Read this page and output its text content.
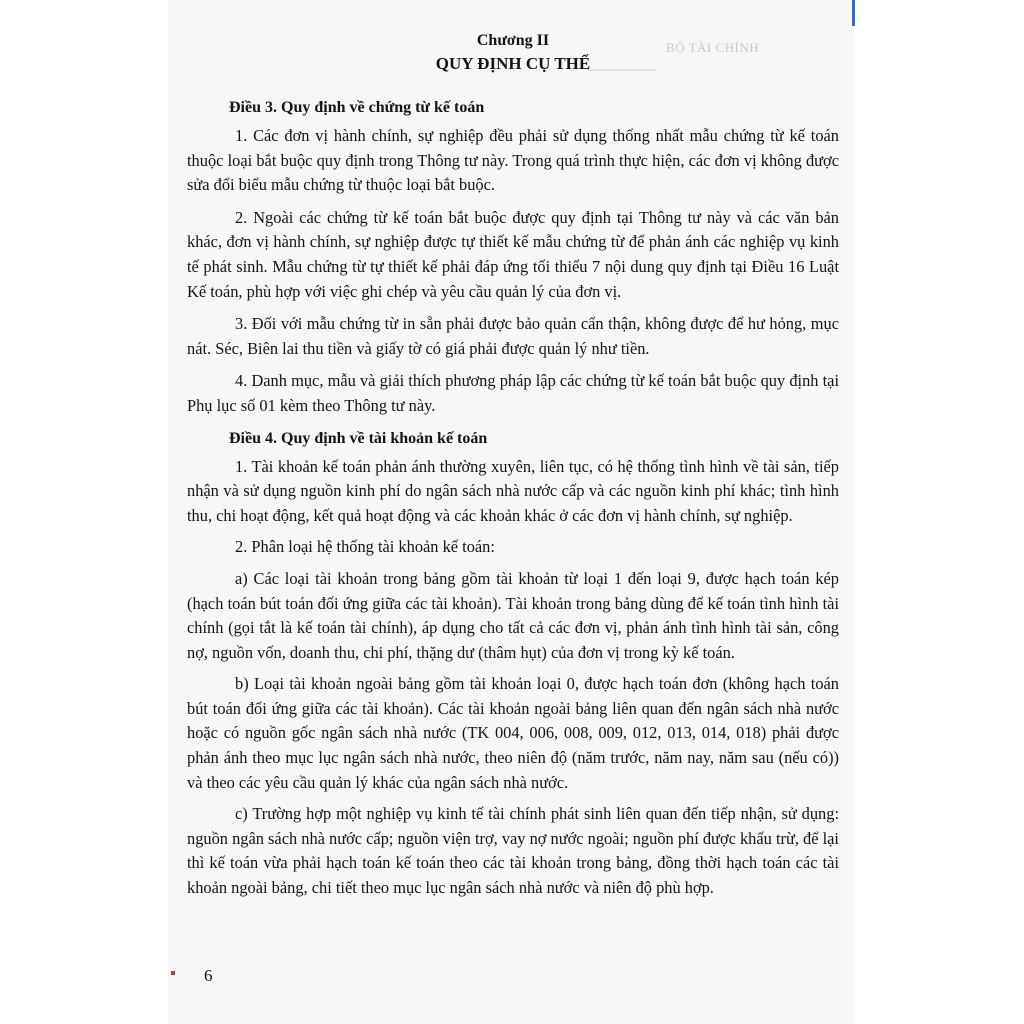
BỘ TÀI CHÍNH
───────

Chương II

QUY ĐỊNH CỤ THỂ

Điều 3. Quy định về chứng từ kế toán

1. Các đơn vị hành chính, sự nghiệp đều phải sử dụng thống nhất mẫu chứng từ kế toán thuộc loại bắt buộc quy định trong Thông tư này. Trong quá trình thực hiện, các đơn vị không được sửa đổi biểu mẫu chứng từ thuộc loại bắt buộc.

2. Ngoài các chứng từ kế toán bắt buộc được quy định tại Thông tư này và các văn bản khác, đơn vị hành chính, sự nghiệp được tự thiết kế mẫu chứng từ để phản ánh các nghiệp vụ kinh tế phát sinh. Mẫu chứng từ tự thiết kế phải đáp ứng tối thiểu 7 nội dung quy định tại Điều 16 Luật Kế toán, phù hợp với việc ghi chép và yêu cầu quản lý của đơn vị.

3. Đối với mẫu chứng từ in sẵn phải được bảo quản cẩn thận, không được để hư hỏng, mục nát. Séc, Biên lai thu tiền và giấy tờ có giá phải được quản lý như tiền.

4. Danh mục, mẫu và giải thích phương pháp lập các chứng từ kế toán bắt buộc quy định tại Phụ lục số 01 kèm theo Thông tư này.

Điều 4. Quy định về tài khoản kế toán

1. Tài khoản kế toán phản ánh thường xuyên, liên tục, có hệ thống tình hình về tài sản, tiếp nhận và sử dụng nguồn kinh phí do ngân sách nhà nước cấp và các nguồn kinh phí khác; tình hình thu, chi hoạt động, kết quả hoạt động và các khoản khác ở các đơn vị hành chính, sự nghiệp.

2. Phân loại hệ thống tài khoản kế toán:

a) Các loại tài khoản trong bảng gồm tài khoản từ loại 1 đến loại 9, được hạch toán kép (hạch toán bút toán đối ứng giữa các tài khoản). Tài khoản trong bảng dùng để kế toán tình hình tài chính (gọi tắt là kế toán tài chính), áp dụng cho tất cả các đơn vị, phản ánh tình hình tài sản, công nợ, nguồn vốn, doanh thu, chi phí, thặng dư (thâm hụt) của đơn vị trong kỳ kế toán.

b) Loại tài khoản ngoài bảng gồm tài khoản loại 0, được hạch toán đơn (không hạch toán bút toán đối ứng giữa các tài khoản). Các tài khoản ngoài bảng liên quan đến ngân sách nhà nước hoặc có nguồn gốc ngân sách nhà nước (TK 004, 006, 008, 009, 012, 013, 014, 018) phải được phản ánh theo mục lục ngân sách nhà nước, theo niên độ (năm trước, năm nay, năm sau (nếu có)) và theo các yêu cầu quản lý khác của ngân sách nhà nước.

c) Trường hợp một nghiệp vụ kinh tế tài chính phát sinh liên quan đến tiếp nhận, sử dụng: nguồn ngân sách nhà nước cấp; nguồn viện trợ, vay nợ nước ngoài; nguồn phí được khấu trừ, để lại thì kế toán vừa phải hạch toán kế toán theo các tài khoản trong bảng, đồng thời hạch toán các tài khoản ngoài bảng, chi tiết theo mục lục ngân sách nhà nước và niên độ phù hợp.

6
